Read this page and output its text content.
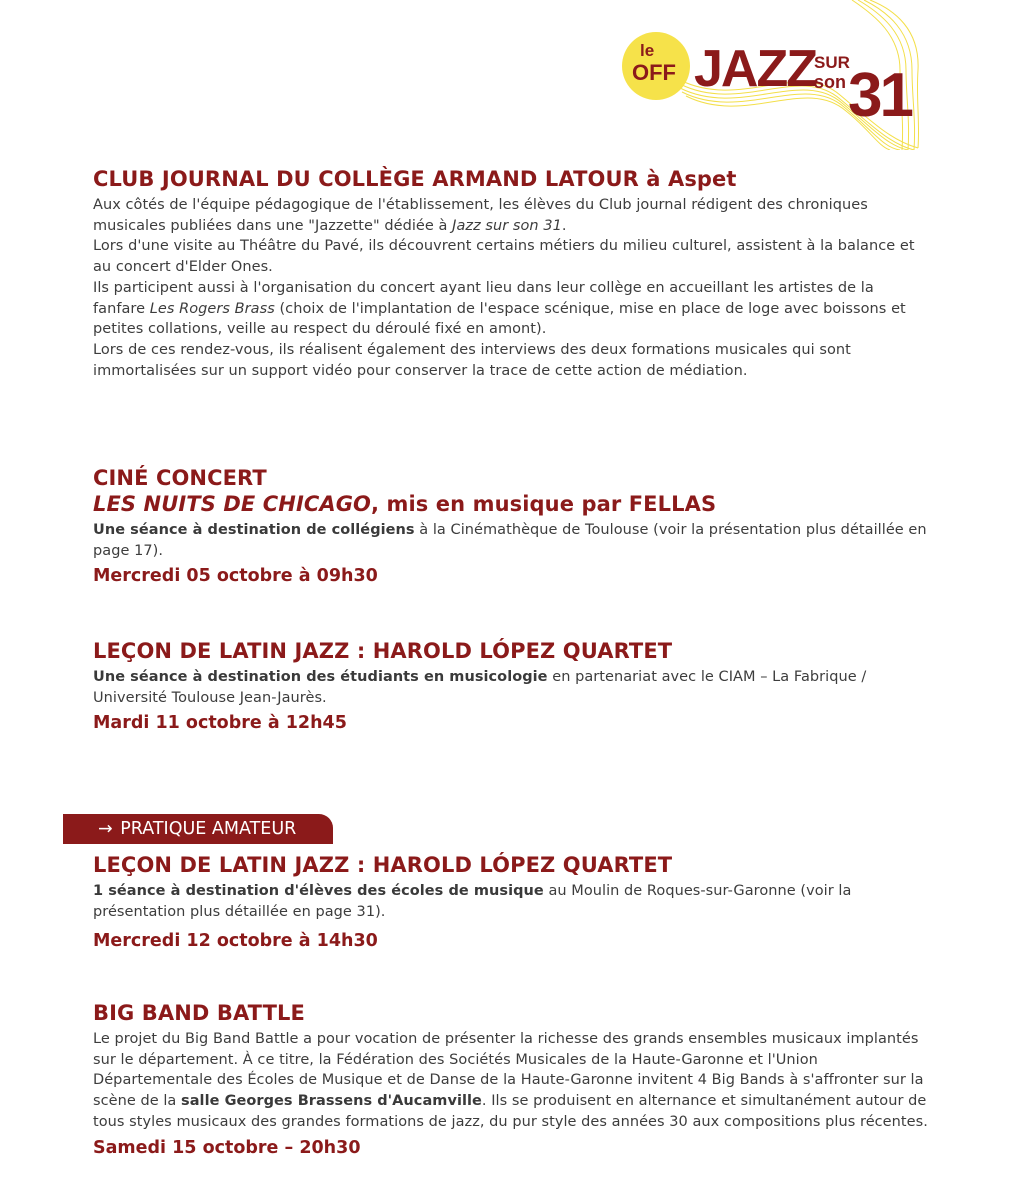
le
OFF JAZZ
SUR
son 31
CLUB JOURNAL DU COLLÈGE ARMAND LATOUR à Aspet

Aux côtés de l'équipe pédagogique de l'établissement, les élèves du Club journal rédigent des chroniques musicales publiées dans une "Jazzette" dédiée à Jazz sur son 31.
Lors d'une visite au Théâtre du Pavé, ils découvrent certains métiers du milieu culturel, assistent à la balance et au concert d'Elder Ones.
Ils participent aussi à l'organisation du concert ayant lieu dans leur collège en accueillant les artistes de la fanfare Les Rogers Brass (choix de l'implantation de l'espace scénique, mise en place de loge avec boissons et petites collations, veille au respect du déroulé fixé en amont).
Lors de ces rendez-vous, ils réalisent également des interviews des deux formations musicales qui sont immortalisées sur un support vidéo pour conserver la trace de cette action de médiation.

CINÉ CONCERT
LES NUITS DE CHICAGO, mis en musique par FELLAS

Une séance à destination de collégiens à la Cinémathèque de Toulouse (voir la présentation plus détaillée en page 17).

Mercredi 05 octobre à 09h30
LEÇON DE LATIN JAZZ : HAROLD LÓPEZ QUARTET

Une séance à destination des étudiants en musicologie en partenariat avec le CIAM – La Fabrique / Université Toulouse Jean-Jaurès.

Mardi 11 octobre à 12h45
→ PRATIQUE AMATEUR
LEÇON DE LATIN JAZZ : HAROLD LÓPEZ QUARTET

1 séance à destination d'élèves des écoles de musique au Moulin de Roques-sur-Garonne (voir la présentation plus détaillée en page 31).

Mercredi 12 octobre à 14h30
BIG BAND BATTLE

Le projet du Big Band Battle a pour vocation de présenter la richesse des grands ensembles musicaux implantés sur le département. À ce titre, la Fédération des Sociétés Musicales de la Haute-Garonne et l'Union Départementale des Écoles de Musique et de Danse de la Haute-Garonne invitent 4 Big Bands à s'affronter sur la scène de la salle Georges Brassens d'Aucamville. Ils se produisent en alternance et simultanément autour de tous styles musicaux des grandes formations de jazz, du pur style des années 30 aux compositions plus récentes.

Samedi 15 octobre – 20h30
